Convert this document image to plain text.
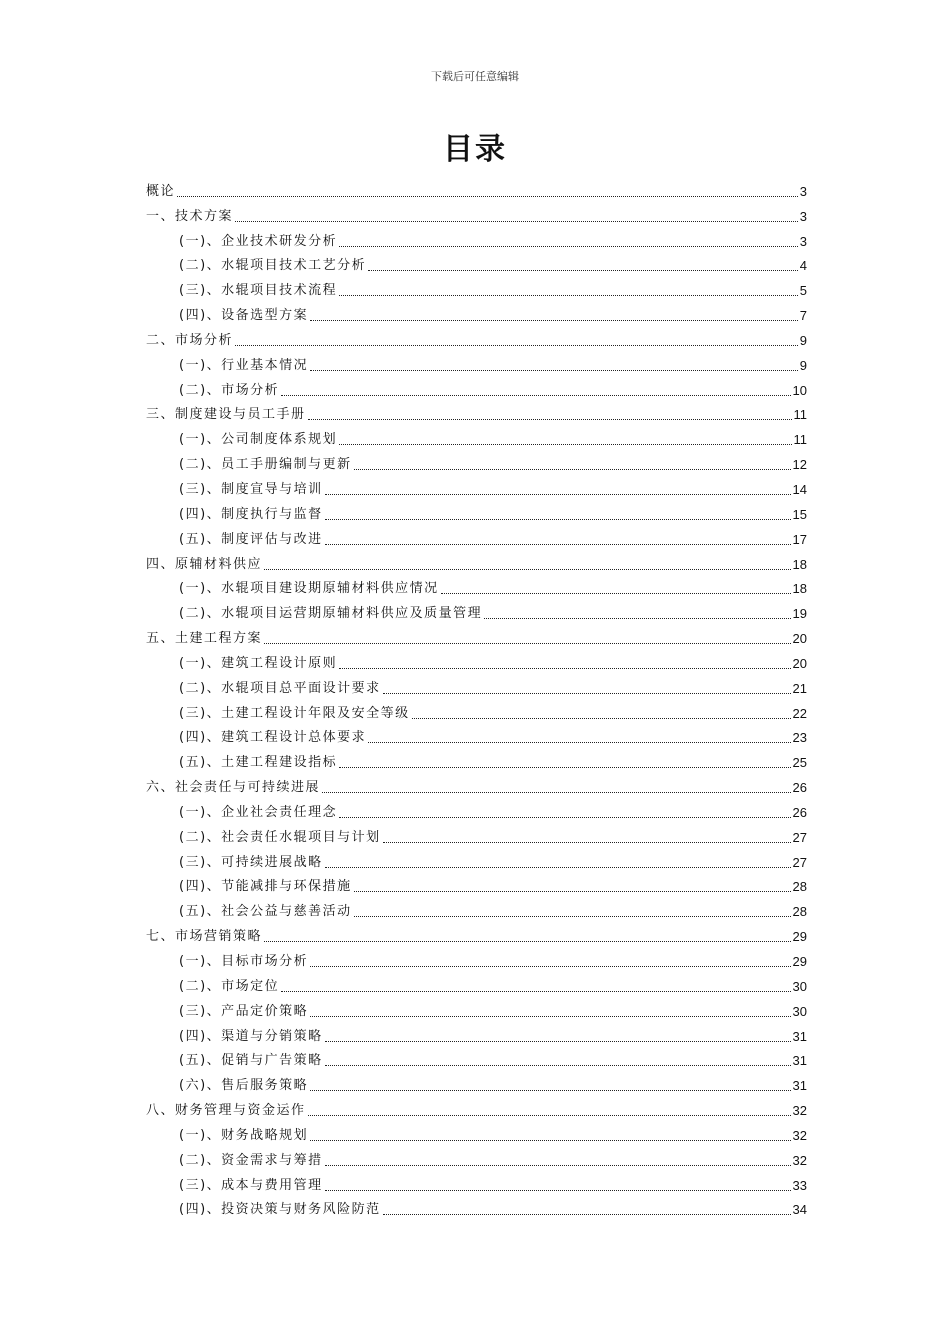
下载后可任意编辑
目录
概论	3
一、技术方案	3
(一)、企业技术研发分析	3
(二)、水辊项目技术工艺分析	4
(三)、水辊项目技术流程	5
(四)、设备选型方案	7
二、市场分析	9
(一)、行业基本情况	9
(二)、市场分析	10
三、制度建设与员工手册	11
(一)、公司制度体系规划	11
(二)、员工手册编制与更新	12
(三)、制度宣导与培训	14
(四)、制度执行与监督	15
(五)、制度评估与改进	17
四、原辅材料供应	18
(一)、水辊项目建设期原辅材料供应情况	18
(二)、水辊项目运营期原辅材料供应及质量管理	19
五、土建工程方案	20
(一)、建筑工程设计原则	20
(二)、水辊项目总平面设计要求	21
(三)、土建工程设计年限及安全等级	22
(四)、建筑工程设计总体要求	23
(五)、土建工程建设指标	25
六、社会责任与可持续进展	26
(一)、企业社会责任理念	26
(二)、社会责任水辊项目与计划	27
(三)、可持续进展战略	27
(四)、节能减排与环保措施	28
(五)、社会公益与慈善活动	28
七、市场营销策略	29
(一)、目标市场分析	29
(二)、市场定位	30
(三)、产品定价策略	30
(四)、渠道与分销策略	31
(五)、促销与广告策略	31
(六)、售后服务策略	31
八、财务管理与资金运作	32
(一)、财务战略规划	32
(二)、资金需求与筹措	32
(三)、成本与费用管理	33
(四)、投资决策与财务风险防范	34
